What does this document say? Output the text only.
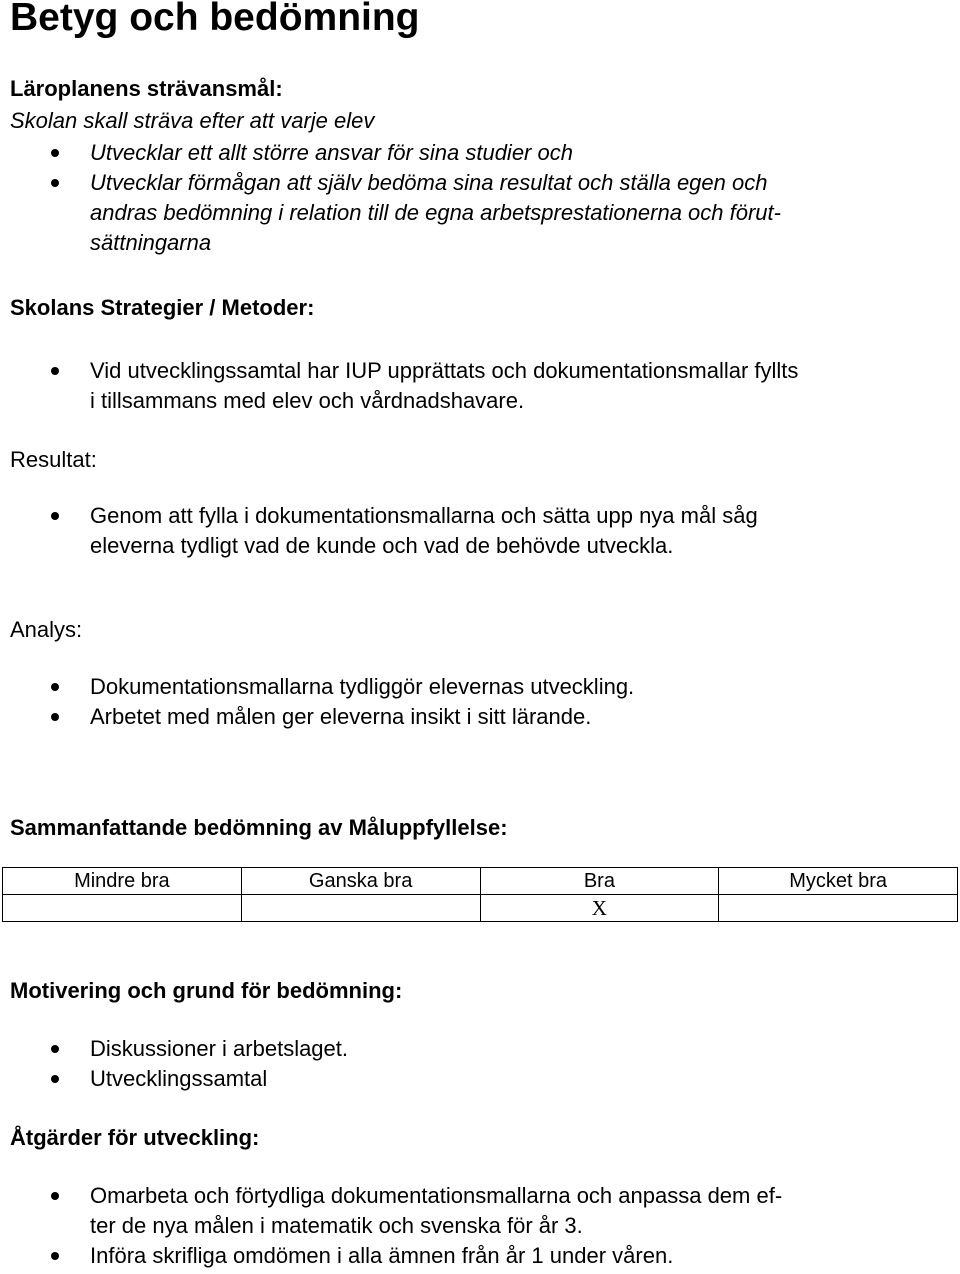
Betyg och bedömning
Läroplanens strävansmål:
Skolan skall sträva efter att varje elev
Utvecklar ett allt större ansvar för sina studier och
Utvecklar förmågan att själv bedöma sina resultat och ställa egen och
andras bedömning i relation till de egna arbetsprestationerna och förut-
sättningarna
Skolans Strategier / Metoder:
Vid utvecklingssamtal har IUP upprättats och dokumentationsmallar fyllts
i tillsammans med elev och vårdnadshavare.
Resultat:
Genom att fylla i dokumentationsmallarna och sätta upp nya mål såg
eleverna tydligt vad de kunde och vad de behövde utveckla.
Analys:
Dokumentationsmallarna tydliggör elevernas utveckling.
Arbetet med målen ger eleverna insikt i sitt lärande.
Sammanfattande bedömning av Måluppfyllelse:
Mindre bra	Ganska bra	Bra	Mycket bra
		X	
Motivering och grund för bedömning:
Diskussioner i arbetslaget.
Utvecklingssamtal
Åtgärder för utveckling:
Omarbeta och förtydliga dokumentationsmallarna och anpassa dem ef-
ter de nya målen i matematik och svenska för år 3.
Införa skrifliga omdömen i alla ämnen från år 1 under våren.
